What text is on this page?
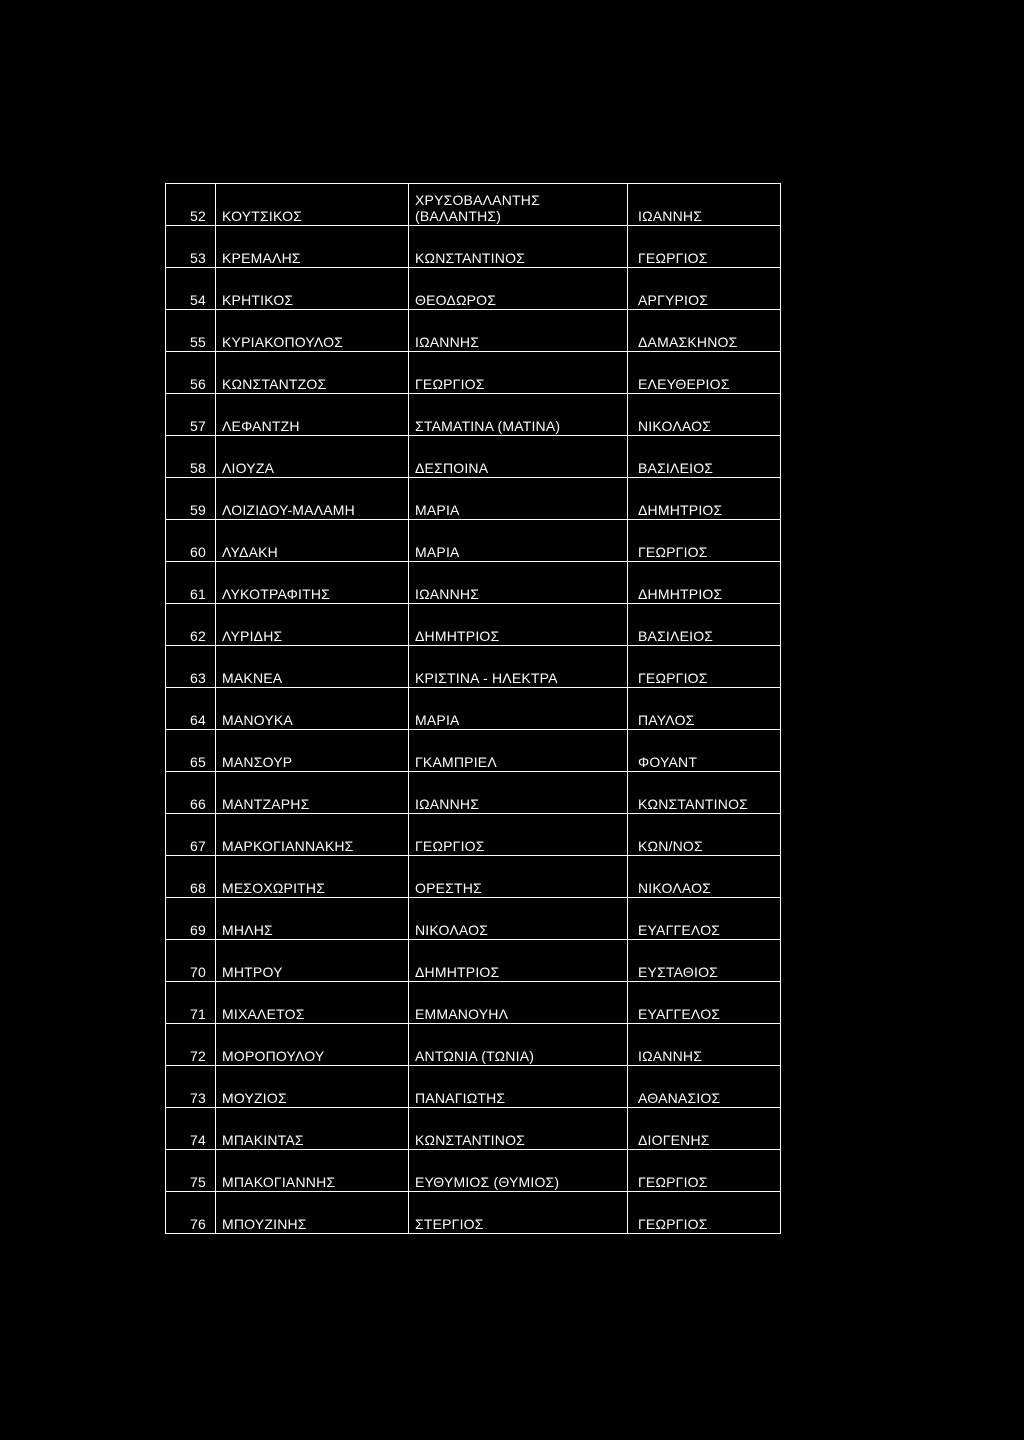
52	ΚΟΥΤΣΙΚΟΣ	ΧΡΥΣΟΒΑΛΑΝΤΗΣ (ΒΑΛΑΝΤΗΣ)	ΙΩΑΝΝΗΣ
53	ΚΡΕΜΑΛΗΣ	ΚΩΝΣΤΑΝΤΙΝΟΣ	ΓΕΩΡΓΙΟΣ
54	ΚΡΗΤΙΚΟΣ	ΘΕΟΔΩΡΟΣ	ΑΡΓΥΡΙΟΣ
55	ΚΥΡΙΑΚΟΠΟΥΛΟΣ	ΙΩΑΝΝΗΣ	ΔΑΜΑΣΚΗΝΟΣ
56	ΚΩΝΣΤΑΝΤΖΟΣ	ΓΕΩΡΓΙΟΣ	ΕΛΕΥΘΕΡΙΟΣ
57	ΛΕΦΑΝΤΖΗ	ΣΤΑΜΑΤΙΝΑ (ΜΑΤΙΝΑ)	ΝΙΚΟΛΑΟΣ
58	ΛΙΟΥΖΑ	ΔΕΣΠΟΙΝΑ	ΒΑΣΙΛΕΙΟΣ
59	ΛΟΙΖΙΔΟΥ-ΜΑΛΑΜΗ	ΜΑΡΙΑ	ΔΗΜΗΤΡΙΟΣ
60	ΛΥΔΑΚΗ	ΜΑΡΙΑ	ΓΕΩΡΓΙΟΣ
61	ΛΥΚΟΤΡΑΦΙΤΗΣ	ΙΩΑΝΝΗΣ	ΔΗΜΗΤΡΙΟΣ
62	ΛΥΡΙΔΗΣ	ΔΗΜΗΤΡΙΟΣ	ΒΑΣΙΛΕΙΟΣ
63	ΜΑΚΝΕΑ	ΚΡΙΣΤΙΝΑ - ΗΛΕΚΤΡΑ	ΓΕΩΡΓΙΟΣ
64	ΜΑΝΟΥΚΑ	ΜΑΡΙΑ	ΠΑΥΛΟΣ
65	ΜΑΝΣΟΥΡ	ΓΚΑΜΠΡΙΕΛ	ΦΟΥΑΝΤ
66	ΜΑΝΤΖΑΡΗΣ	ΙΩΑΝΝΗΣ	ΚΩΝΣΤΑΝΤΙΝΟΣ
67	ΜΑΡΚΟΓΙΑΝΝΑΚΗΣ	ΓΕΩΡΓΙΟΣ	ΚΩΝ/ΝΟΣ
68	ΜΕΣΟΧΩΡΙΤΗΣ	ΟΡΕΣΤΗΣ	ΝΙΚΟΛΑΟΣ
69	ΜΗΛΗΣ	ΝΙΚΟΛΑΟΣ	ΕΥΑΓΓΕΛΟΣ
70	ΜΗΤΡΟΥ	ΔΗΜΗΤΡΙΟΣ	ΕΥΣΤΑΘΙΟΣ
71	ΜΙΧΑΛΕΤΟΣ	ΕΜΜΑΝΟΥΗΛ	ΕΥΑΓΓΕΛΟΣ
72	ΜΟΡΟΠΟΥΛΟΥ	ΑΝΤΩΝΙΑ (ΤΩΝΙΑ)	ΙΩΑΝΝΗΣ
73	ΜΟΥΖΙΟΣ	ΠΑΝΑΓΙΩΤΗΣ	ΑΘΑΝΑΣΙΟΣ
74	ΜΠΑΚΙΝΤΑΣ	ΚΩΝΣΤΑΝΤΙΝΟΣ	ΔΙΟΓΕΝΗΣ
75	ΜΠΑΚΟΓΙΑΝΝΗΣ	ΕΥΘΥΜΙΟΣ (ΘΥΜΙΟΣ)	ΓΕΩΡΓΙΟΣ
76	ΜΠΟΥΖΙΝΗΣ	ΣΤΕΡΓΙΟΣ	ΓΕΩΡΓΙΟΣ
